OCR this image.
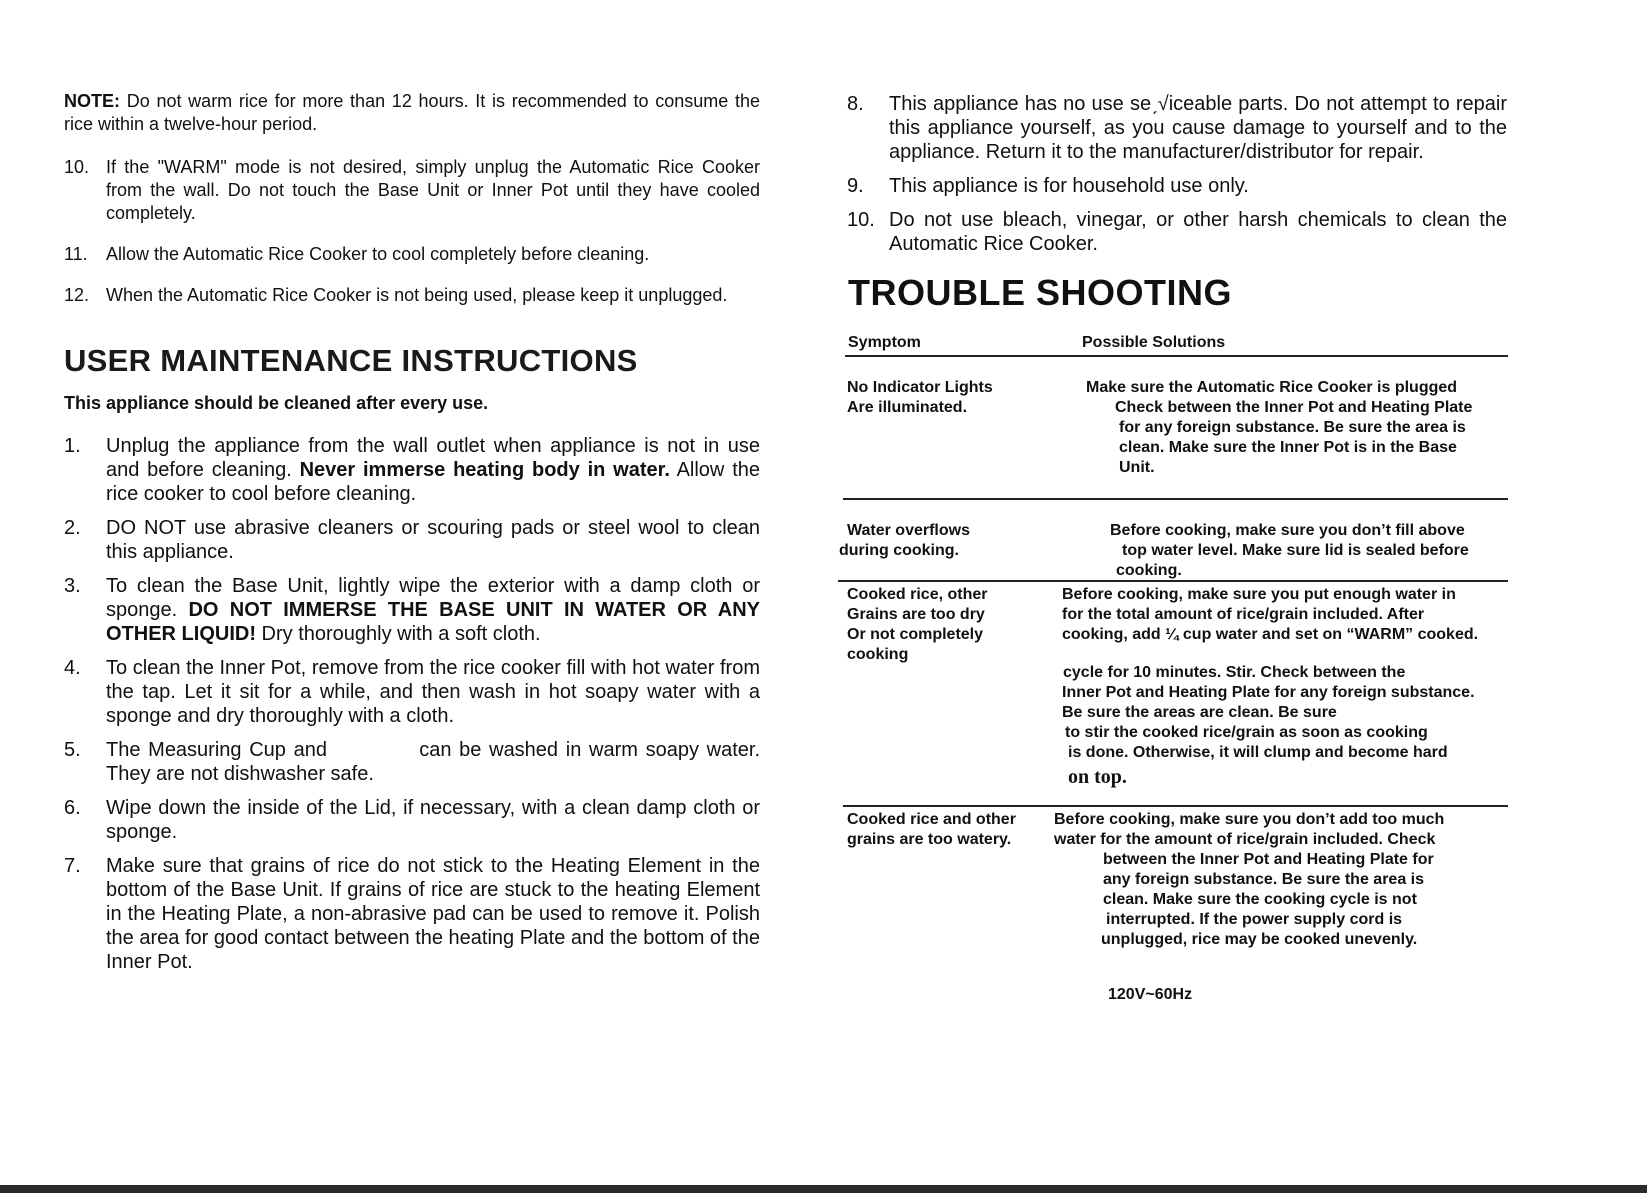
NOTE: Do not warm rice for more than 12 hours. It is recommended to consume the rice within a twelve-hour period.

10. If the "WARM" mode is not desired, simply unplug the Automatic Rice Cooker from the wall. Do not touch the Base Unit or Inner Pot until they have cooled completely.
11. Allow the Automatic Rice Cooker to cool completely before cleaning.
12. When the Automatic Rice Cooker is not being used, please keep it unplugged.
USER MAINTENANCE INSTRUCTIONS

This appliance should be cleaned after every use.

1. Unplug the appliance from the wall outlet when appliance is not in use and before cleaning. Never immerse heating body in water. Allow the rice cooker to cool before cleaning.
2. DO NOT use abrasive cleaners or scouring pads or steel wool to clean this appliance.
3. To clean the Base Unit, lightly wipe the exterior with a damp cloth or sponge. DO NOT IMMERSE THE BASE UNIT IN WATER OR ANY OTHER LIQUID! Dry thoroughly with a soft cloth.
4. To clean the Inner Pot, remove from the rice cooker fill with hot water from the tap. Let it sit for a while, and then wash in hot soapy water with a sponge and dry thoroughly with a cloth.
5. The Measuring Cup and            can be washed in warm soapy water. They are not dishwasher safe.
6. Wipe down the inside of the Lid, if necessary, with a clean damp cloth or sponge.
7. Make sure that grains of rice do not stick to the Heating Element in the bottom of the Base Unit. If grains of rice are stuck to the heating Element in the Heating Plate, a non-abrasive pad can be used to remove it. Polish the area for good contact between the heating Plate and the bottom of the Inner Pot.
8. This appliance has no use seˏ√iceable parts. Do not attempt to repair this appliance yourself, as you cause damage to yourself and to the appliance. Return it to the manufacturer/distributor for repair.
9. This appliance is for household use only.
10. Do not use bleach, vinegar, or other harsh chemicals to clean the Automatic Rice Cooker.
TROUBLE SHOOTING
Symptom	Possible Solutions
No Indicator Lights
Are illuminated.
Make sure the Automatic Rice Cooker is plugged
Check between the Inner Pot and Heating Plate
for any foreign substance. Be sure the area is
clean. Make sure the Inner Pot is in the Base
Unit.
Water overflows
during cooking.
Before cooking, make sure you don’t fill above
top water level. Make sure lid is sealed before
cooking.
Cooked rice, other
Grains are too dry
Or not completely
cooking
Before cooking, make sure you put enough water in
for the total amount of rice/grain included. After
cooking, add ¼ cup water and set on “WARM” cooked.
cycle for 10 minutes. Stir. Check between the
Inner Pot and Heating Plate for any foreign substance.
Be sure the areas are clean. Be sure
to stir the cooked rice/grain as soon as cooking
is done. Otherwise, it will clump and become hard
on top.
Cooked rice and other
grains are too watery.
Before cooking, make sure you don’t add too much
water for the amount of rice/grain included. Check
between the Inner Pot and Heating Plate for
any foreign substance. Be sure the area is
clean. Make sure the cooking cycle is not
interrupted. If the power supply cord is
unplugged, rice may be cooked unevenly.
120V~60Hz
